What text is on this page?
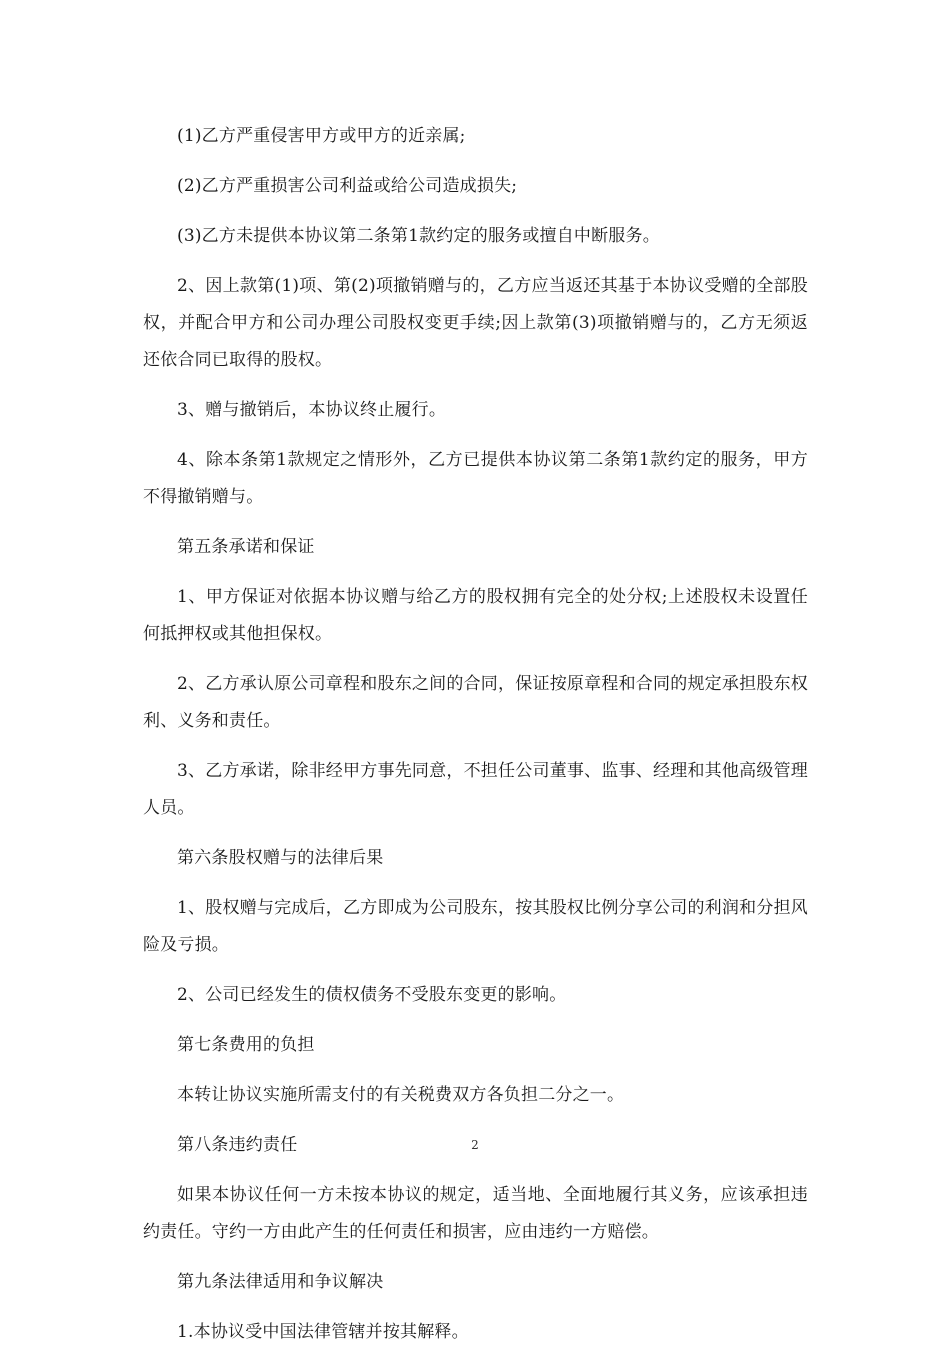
(1)乙方严重侵害甲方或甲方的近亲属;

(2)乙方严重损害公司利益或给公司造成损失;

(3)乙方未提供本协议第二条第1款约定的服务或擅自中断服务。

2、因上款第(1)项、第(2)项撤销赠与的，乙方应当返还其基于本协议受赠的全部股权，并配合甲方和公司办理公司股权变更手续;因上款第(3)项撤销赠与的，乙方无须返还依合同已取得的股权。

3、赠与撤销后，本协议终止履行。

4、除本条第1款规定之情形外，乙方已提供本协议第二条第1款约定的服务，甲方不得撤销赠与。

第五条承诺和保证

1、甲方保证对依据本协议赠与给乙方的股权拥有完全的处分权;上述股权未设置任何抵押权或其他担保权。

2、乙方承认原公司章程和股东之间的合同，保证按原章程和合同的规定承担股东权利、义务和责任。

3、乙方承诺，除非经甲方事先同意，不担任公司董事、监事、经理和其他高级管理人员。

第六条股权赠与的法律后果

1、股权赠与完成后，乙方即成为公司股东，按其股权比例分享公司的利润和分担风险及亏损。

2、公司已经发生的债权债务不受股东变更的影响。

第七条费用的负担

本转让协议实施所需支付的有关税费双方各负担二分之一。

第八条违约责任

如果本协议任何一方未按本协议的规定，适当地、全面地履行其义务，应该承担违约责任。守约一方由此产生的任何责任和损害，应由违约一方赔偿。

第九条法律适用和争议解决

1.本协议受中国法律管辖并按其解释。

2
